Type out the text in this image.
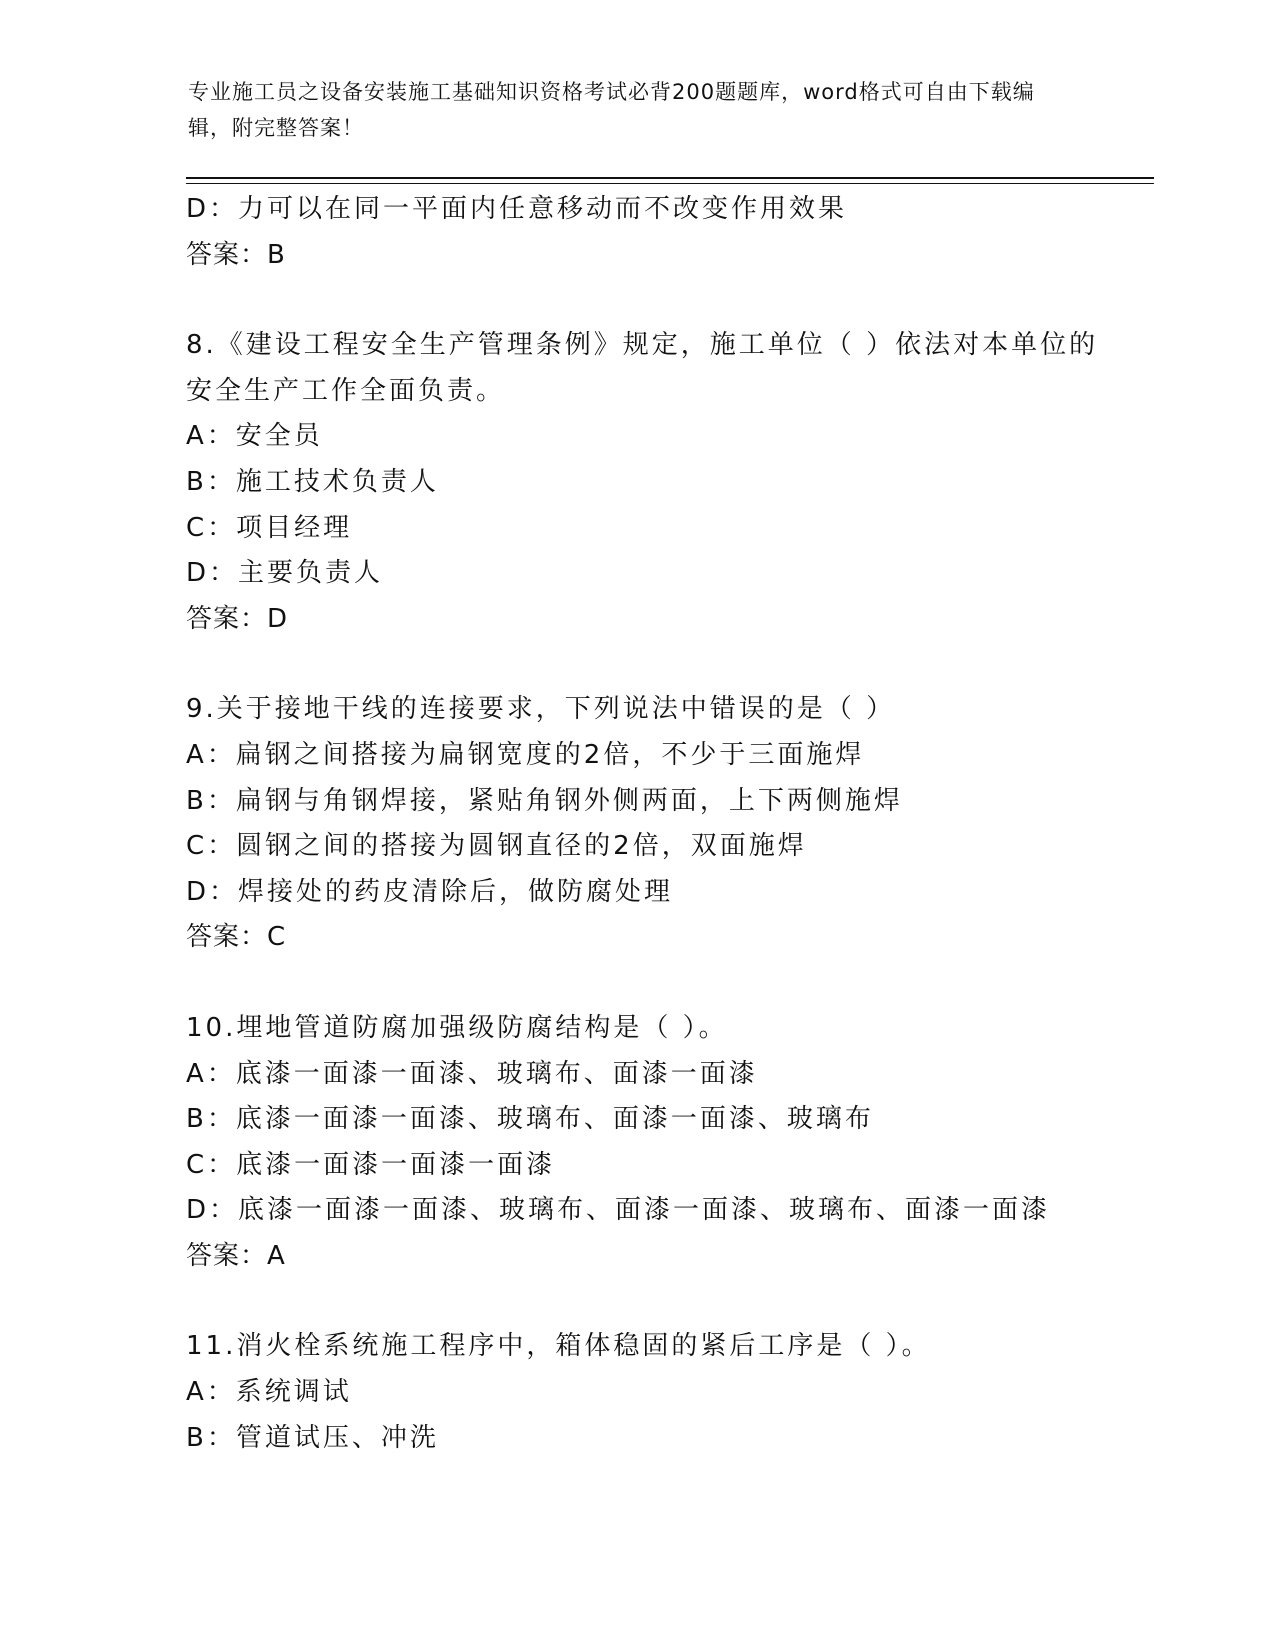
专业施工员之设备安装施工基础知识资格考试必背200题题库，word格式可自由下载编辑，附完整答案！
D：力可以在同一平面内任意移动而不改变作用效果
答案：B
8.《建设工程安全生产管理条例》规定，施工单位（ ）依法对本单位的安全生产工作全面负责。
A：安全员
B：施工技术负责人
C：项目经理
D：主要负责人
答案：D
9.关于接地干线的连接要求，下列说法中错误的是（ ）
A：扁钢之间搭接为扁钢宽度的2倍，不少于三面施焊
B：扁钢与角钢焊接，紧贴角钢外侧两面，上下两侧施焊
C：圆钢之间的搭接为圆钢直径的2倍，双面施焊
D：焊接处的药皮清除后，做防腐处理
答案：C
10.埋地管道防腐加强级防腐结构是（ ）。
A：底漆一面漆一面漆、玻璃布、面漆一面漆
B：底漆一面漆一面漆、玻璃布、面漆一面漆、玻璃布
C：底漆一面漆一面漆一面漆
D：底漆一面漆一面漆、玻璃布、面漆一面漆、玻璃布、面漆一面漆
答案：A
11.消火栓系统施工程序中，箱体稳固的紧后工序是（ ）。
A：系统调试
B：管道试压、冲洗
